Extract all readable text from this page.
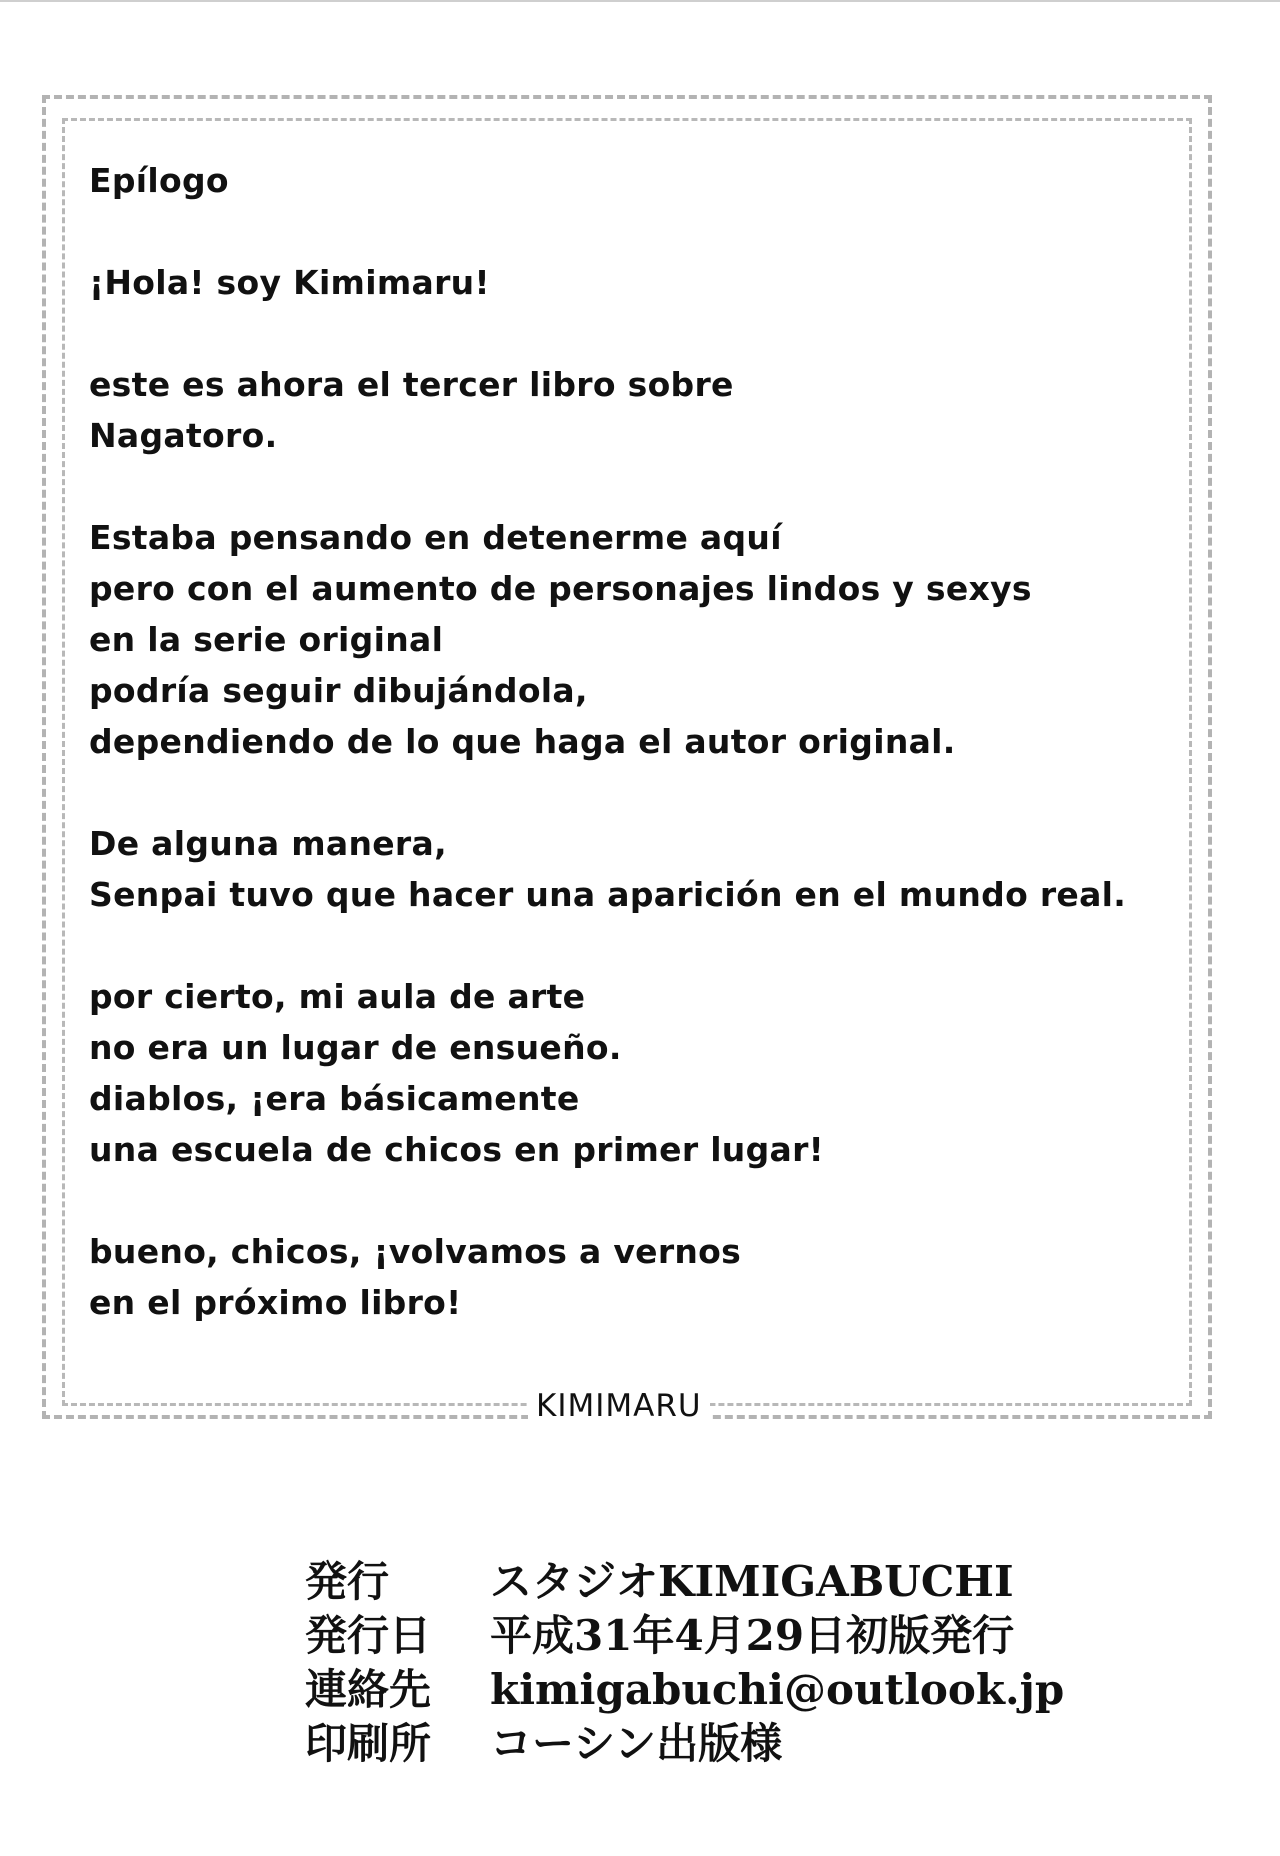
Epílogo
¡Hola! soy Kimimaru!
este es ahora el tercer libro sobre
Nagatoro.
Estaba pensando en detenerme aquí
pero con el aumento de personajes lindos y sexys
en la serie original
podría seguir dibujándola,
dependiendo de lo que haga el autor original.
De alguna manera,
Senpai tuvo que hacer una aparición en el mundo real.
por cierto, mi aula de arte
no era un lugar de ensueño.
diablos, ¡era básicamente
una escuela de chicos en primer lugar!
bueno, chicos, ¡volvamos a vernos
en el próximo libro!
KIMIMARU
発行	スタジオKIMIGABUCHI
発行日	平成31年4月29日初版発行
連絡先	kimigabuchi@outlook.jp
印刷所	コーシン出版様
